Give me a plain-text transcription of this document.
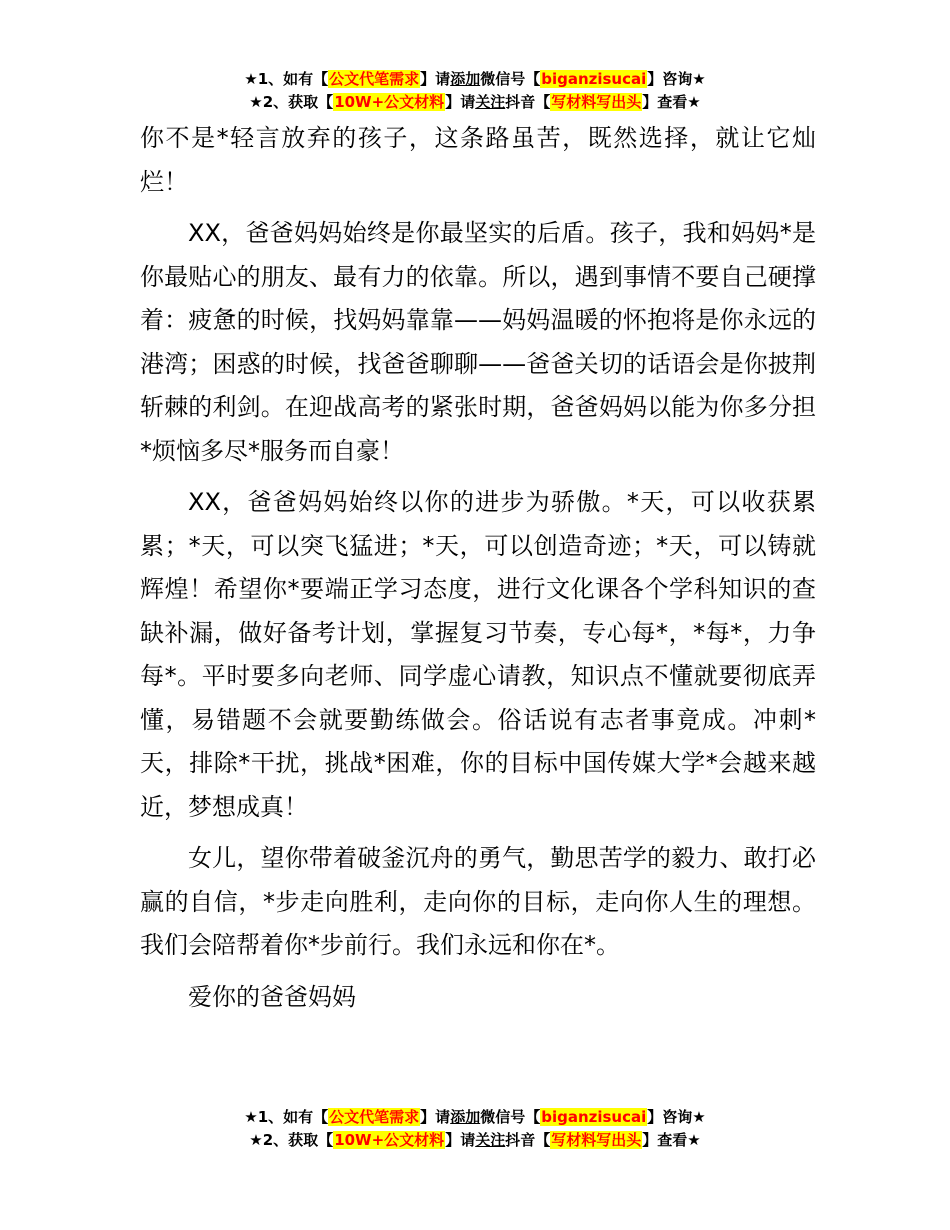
★1、如有【公文代笔需求】请添加微信号【biganzisucai】咨询★
★2、获取【10W+公文材料】请关注抖音【写材料写出头】查看★

你不是*轻言放弃的孩子，这条路虽苦，既然选择，就让它灿烂！

XX，爸爸妈妈始终是你最坚实的后盾。孩子，我和妈妈*是你最贴心的朋友、最有力的依靠。所以，遇到事情不要自己硬撑着：疲惫的时候，找妈妈靠靠——妈妈温暖的怀抱将是你永远的港湾；困惑的时候，找爸爸聊聊——爸爸关切的话语会是你披荆斩棘的利剑。在迎战高考的紧张时期，爸爸妈妈以能为你多分担*烦恼多尽*服务而自豪！

XX，爸爸妈妈始终以你的进步为骄傲。*天，可以收获累累；*天，可以突飞猛进；*天，可以创造奇迹；*天，可以铸就辉煌！希望你*要端正学习态度，进行文化课各个学科知识的查缺补漏，做好备考计划，掌握复习节奏，专心每*，*每*，力争每*。平时要多向老师、同学虚心请教，知识点不懂就要彻底弄懂，易错题不会就要勤练做会。俗话说有志者事竟成。冲刺*天，排除*干扰，挑战*困难，你的目标中国传媒大学*会越来越近，梦想成真！

女儿，望你带着破釜沉舟的勇气，勤思苦学的毅力、敢打必赢的自信，*步走向胜利，走向你的目标，走向你人生的理想。我们会陪帮着你*步前行。我们永远和你在*。

爱你的爸爸妈妈

★1、如有【公文代笔需求】请添加微信号【biganzisucai】咨询★
★2、获取【10W+公文材料】请关注抖音【写材料写出头】查看★
